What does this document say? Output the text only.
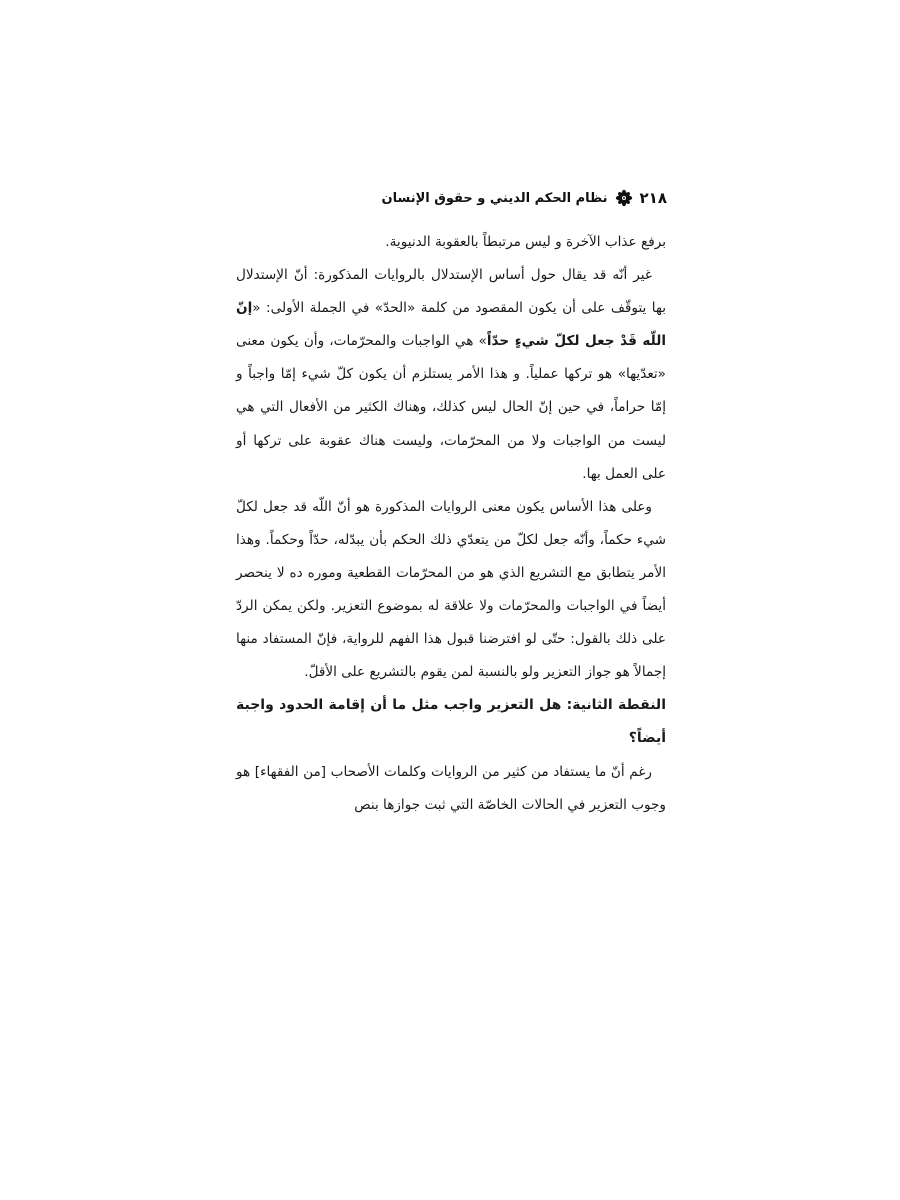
٢١٨
نظام الحكم الديني و حقوق الإنسان

برفع عذاب الآخرة و ليس مرتبطاً بالعقوبة الدنيوية.

غير أنّه قد يقال حول أساس الإستدلال بالروايات المذكورة: أنّ الإستدلال بها يتوقّف على أن يكون المقصود من كلمة «الحدّ» في الجملة الأولى: «إنّ اللّه قَدْ جعل لكلّ شيءٍ حدّاً» هي الواجبات والمحرّمات، وأن يكون معنى «تعدّيها» هو تركها عملياً. و هذا الأمر يستلزم أن يكون كلّ شيء إمّا واجباً و إمّا حراماً، في حين إنّ الحال ليس كذلك، وهناك الكثير من الأفعال التي هي ليست من الواجبات ولا من المحرّمات، وليست هناك عقوبة على تركها أو على العمل بها.

وعلى هذا الأساس يكون معنى الروايات المذكورة هو أنّ اللّه قد جعل لكلّ شيء حكماً، وأنّه جعل لكلّ من يتعدّي ذلك الحكم بأن يبدّله، حدّاً وحكماً. وهذا الأمر يتطابق مع التشريع الذي هو من المحرّمات القطعية وموره ده لا ينحصر أيضاً في الواجبات والمحرّمات ولا علاقة له بموضوع التعزير. ولكن يمكن الردّ على ذلك بالقول: حتّى لو افترضنا قبول هذا الفهم للرواية، فإنّ المستفاد منها إجمالاً هو جواز التعزير ولو بالنسبة لمن يقوم بالتشريع على الأقلّ.

النقطة الثانية: هل التعزير واجب مثل ما أن إقامة الحدود واجبة أيضاً؟

رغم أنّ ما يستفاد من كثير من الروايات وكلمات الأصحاب [من الفقهاء] هو وجوب التعزير في الحالات الخاصّة التي ثبت جوازها بنص
